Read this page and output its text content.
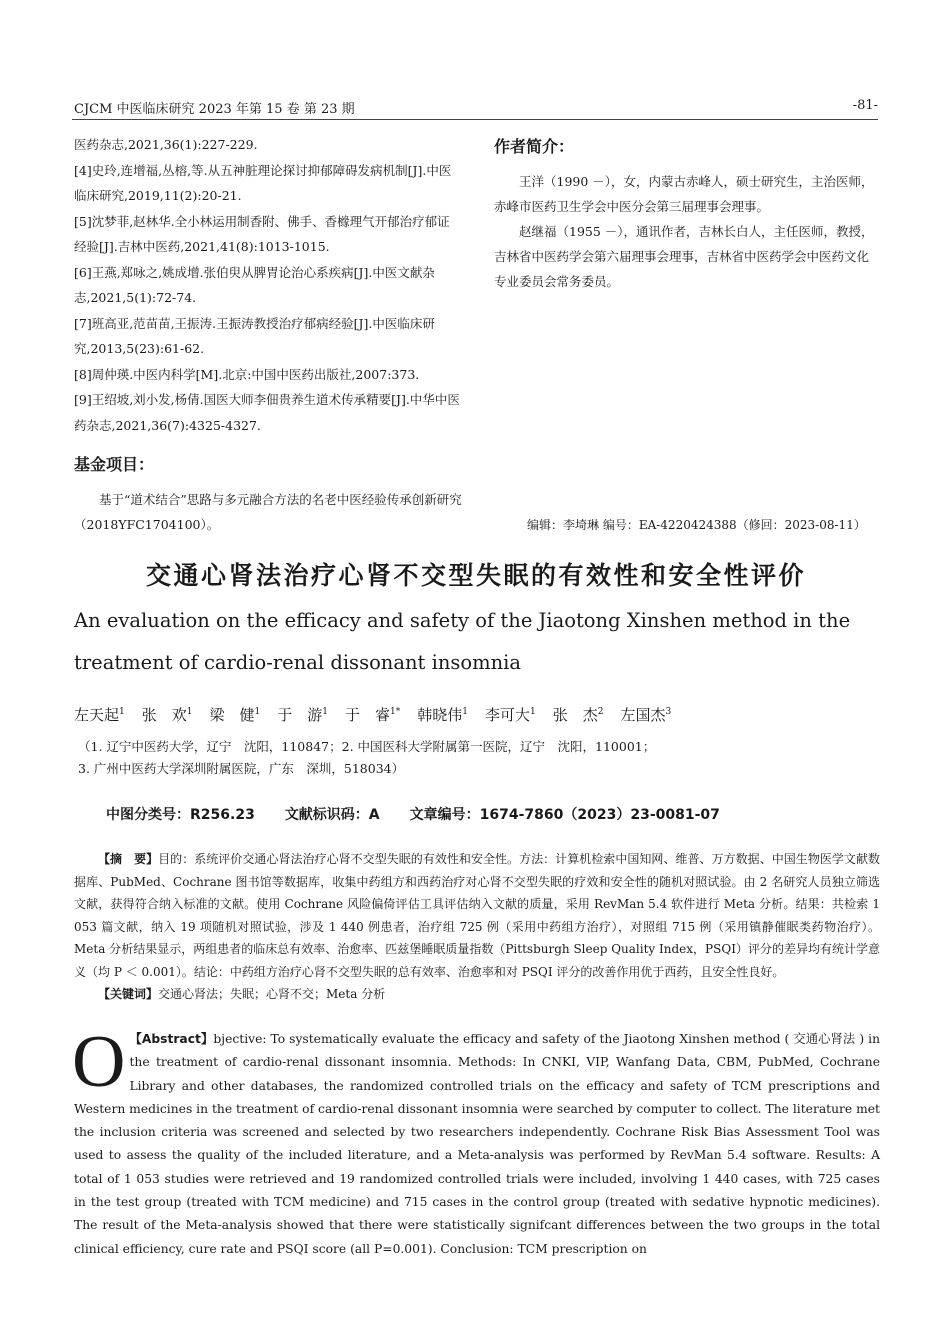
CJCM 中医临床研究 2023 年第 15 卷 第 23 期	-81-

医药杂志,2021,36(1):227-229.

[4]史玲,连增福,丛榕,等.从五神脏理论探讨抑郁障碍发病机制[J].中医临床研究,2019,11(2):20-21.

[5]沈梦菲,赵林华.全小林运用制香附、佛手、香橼理气开郁治疗郁证经验[J].吉林中医药,2021,41(8):1013-1015.

[6]王燕,郑咏之,姚成增.张伯臾从脾胃论治心系疾病[J].中医文献杂志,2021,5(1):72-74.

[7]班高亚,范苗苗,王振涛.王振涛教授治疗郁病经验[J].中医临床研究,2013,5(23):61-62.

[8]周仲瑛.中医内科学[M].北京:中国中医药出版社,2007:373.

[9]王绍坡,刘小发,杨倩.国医大师李佃贵养生道术传承精要[J].中华中医药杂志,2021,36(7):4325-4327.

作者简介：

王洋（1990 －），女，内蒙古赤峰人，硕士研究生，主治医师，赤峰市医药卫生学会中医分会第三届理事会理事。

赵继福（1955 －），通讯作者，吉林长白人，主任医师，教授，吉林省中医药学会第六届理事会理事，吉林省中医药学会中医药文化专业委员会常务委员。

基金项目：

基于“道术结合”思路与多元融合方法的名老中医经验传承创新研究（2018YFC1704100）。	编辑：李埼琳 编号：EA-4220424388（修回：2023-08-11）
交通心肾法治疗心肾不交型失眠的有效性和安全性评价
An evaluation on the efficacy and safety of the Jiaotong Xinshen method in the treatment of cardio-renal dissonant insomnia
左天起$^1$ 张　欢$^1$ 梁　健$^1$ 于　游$^1$ 于　睿$^{1*}$ 韩晓伟$^1$ 李可大$^1$ 张　杰$^2$ 左国杰$^3$
（1. 辽宁中医药大学，辽宁　沈阳，110847；2. 中国医科大学附属第一医院，辽宁　沈阳，110001；
3. 广州中医药大学深圳附属医院，广东　深圳，518034）
中图分类号：R256.23 文献标识码：A 文章编号：1674-7860（2023）23-0081-07
【摘　要】目的：系统评价交通心肾法治疗心肾不交型失眠的有效性和安全性。方法：计算机检索中国知网、维普、万方数据、中国生物医学文献数据库、PubMed、Cochrane 图书馆等数据库，收集中药组方和西药治疗对心肾不交型失眠的疗效和安全性的随机对照试验。由 2 名研究人员独立筛选文献，获得符合纳入标准的文献。使用 Cochrane 风险偏倚评估工具评估纳入文献的质量，采用 RevMan 5.4 软件进行 Meta 分析。结果：共检索 1 053 篇文献，纳入 19 项随机对照试验，涉及 1 440 例患者，治疗组 725 例（采用中药组方治疗），对照组 715 例（采用镇静催眠类药物治疗）。Meta 分析结果显示，两组患者的临床总有效率、治愈率、匹兹堡睡眠质量指数（Pittsburgh Sleep Quality Index，PSQI）评分的差异均有统计学意义（均 P ＜ 0.001）。结论：中药组方治疗心肾不交型失眠的总有效率、治愈率和对 PSQI 评分的改善作用优于西药，且安全性良好。
【关键词】交通心肾法；失眠；心肾不交；Meta 分析
O 【Abstract】bjective: To systematically evaluate the efficacy and safety of the Jiaotong Xinshen method ( 交通心肾法 ) in the treatment of cardio-renal dissonant insomnia. Methods: In CNKI, VIP, Wanfang Data, CBM, PubMed, Cochrane Library and other databases, the randomized controlled trials on the efficacy and safety of TCM prescriptions and Western medicines in the treatment of cardio-renal dissonant insomnia were searched by computer to collect. The literature met the inclusion criteria was screened and selected by two researchers independently. Cochrane Risk Bias Assessment Tool was used to assess the quality of the included literature, and a Meta-analysis was performed by RevMan 5.4 software. Results: A total of 1 053 studies were retrieved and 19 randomized controlled trials were included, involving 1 440 cases, with 725 cases in the test group (treated with TCM medicine) and 715 cases in the control group (treated with sedative hypnotic medicines). The result of the Meta-analysis showed that there were statistically signifcant differences between the two groups in the total clinical efficiency, cure rate and PSQI score (all P=0.001). Conclusion: TCM prescription on
